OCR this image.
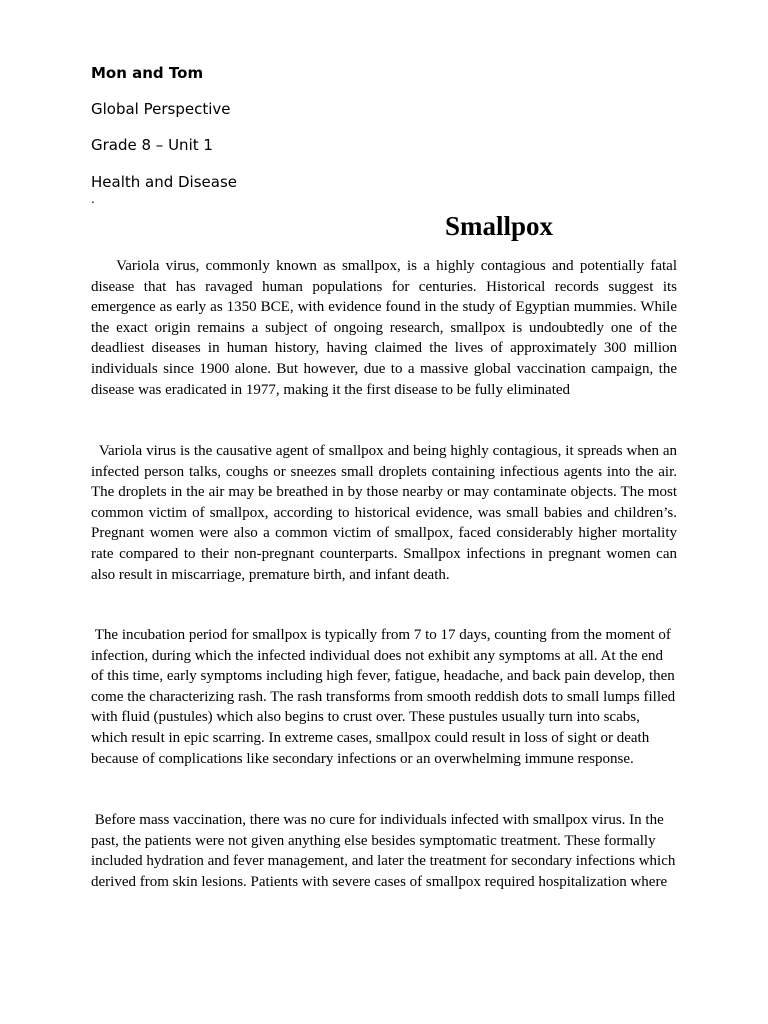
Mon and Tom

Global Perspective

Grade 8 – Unit 1

Health and Disease

.
Smallpox

Variola virus, commonly known as smallpox, is a highly contagious and potentially fatal disease that has ravaged human populations for centuries. Historical records suggest its emergence as early as 1350 BCE, with evidence found in the study of Egyptian mummies. While the exact origin remains a subject of ongoing research, smallpox is undoubtedly one of the deadliest diseases in human history, having claimed the lives of approximately 300 million individuals since 1900 alone. But however, due to a massive global vaccination campaign, the disease was eradicated in 1977, making it the first disease to be fully eliminated

Variola virus is the causative agent of smallpox and being highly contagious, it spreads when an infected person talks, coughs or sneezes small droplets containing infectious agents into the air. The droplets in the air may be breathed in by those nearby or may contaminate objects. The most common victim of smallpox, according to historical evidence, was small babies and children’s. Pregnant women were also a common victim of smallpox, faced considerably higher mortality rate compared to their non-pregnant counterparts. Smallpox infections in pregnant women can also result in miscarriage, premature birth, and infant death.

The incubation period for smallpox is typically from 7 to 17 days, counting from the moment of infection, during which the infected individual does not exhibit any symptoms at all. At the end of this time, early symptoms including high fever, fatigue, headache, and back pain develop, then come the characterizing rash. The rash transforms from smooth reddish dots to small lumps filled with fluid (pustules) which also begins to crust over. These pustules usually turn into scabs, which result in epic scarring. In extreme cases, smallpox could result in loss of sight or death because of complications like secondary infections or an overwhelming immune response.

Before mass vaccination, there was no cure for individuals infected with smallpox virus. In the past, the patients were not given anything else besides symptomatic treatment. These formally included hydration and fever management, and later the treatment for secondary infections which derived from skin lesions. Patients with severe cases of smallpox required hospitalization where
